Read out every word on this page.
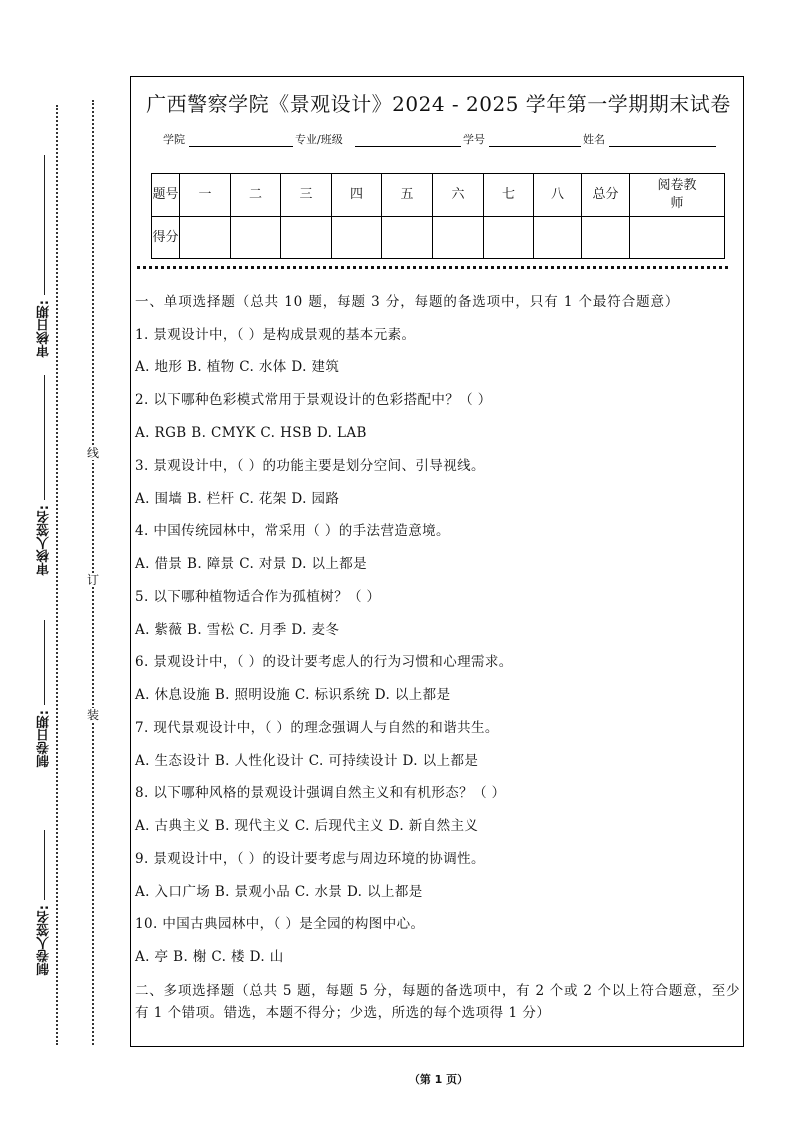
审核日期:
审核人签名:
制卷日期:
制卷人签名:
线
订
装
广西警察学院《景观设计》2024 - 2025 学年第一学期期末试卷
学院	专业/班级	学号	姓名
题号	一	二	三	四	五	六	七	八	总分	阅卷教师
得分										
一、单项选择题（总共 10 题，每题 3 分，每题的备选项中，只有 1 个最符合题意）
1. 景观设计中，（ ）是构成景观的基本元素。
A. 地形 B. 植物 C. 水体 D. 建筑
2. 以下哪种色彩模式常用于景观设计的色彩搭配中？（ ）
A. RGB B. CMYK C. HSB D. LAB
3. 景观设计中，（ ）的功能主要是划分空间、引导视线。
A. 围墙 B. 栏杆 C. 花架 D. 园路
4. 中国传统园林中，常采用（ ）的手法营造意境。
A. 借景 B. 障景 C. 对景 D. 以上都是
5. 以下哪种植物适合作为孤植树？（ ）
A. 紫薇 B. 雪松 C. 月季 D. 麦冬
6. 景观设计中，（ ）的设计要考虑人的行为习惯和心理需求。
A. 休息设施 B. 照明设施 C. 标识系统 D. 以上都是
7. 现代景观设计中，（ ）的理念强调人与自然的和谐共生。
A. 生态设计 B. 人性化设计 C. 可持续设计 D. 以上都是
8. 以下哪种风格的景观设计强调自然主义和有机形态？（ ）
A. 古典主义 B. 现代主义 C. 后现代主义 D. 新自然主义
9. 景观设计中，（ ）的设计要考虑与周边环境的协调性。
A. 入口广场 B. 景观小品 C. 水景 D. 以上都是
10. 中国古典园林中，（ ）是全园的构图中心。
A. 亭 B. 榭 C. 楼 D. 山
二、多项选择题（总共 5 题，每题 5 分，每题的备选项中，有 2 个或 2 个以上符合题意，至少有 1 个错项。错选，本题不得分；少选，所选的每个选项得 1 分）
（第 1 页）
